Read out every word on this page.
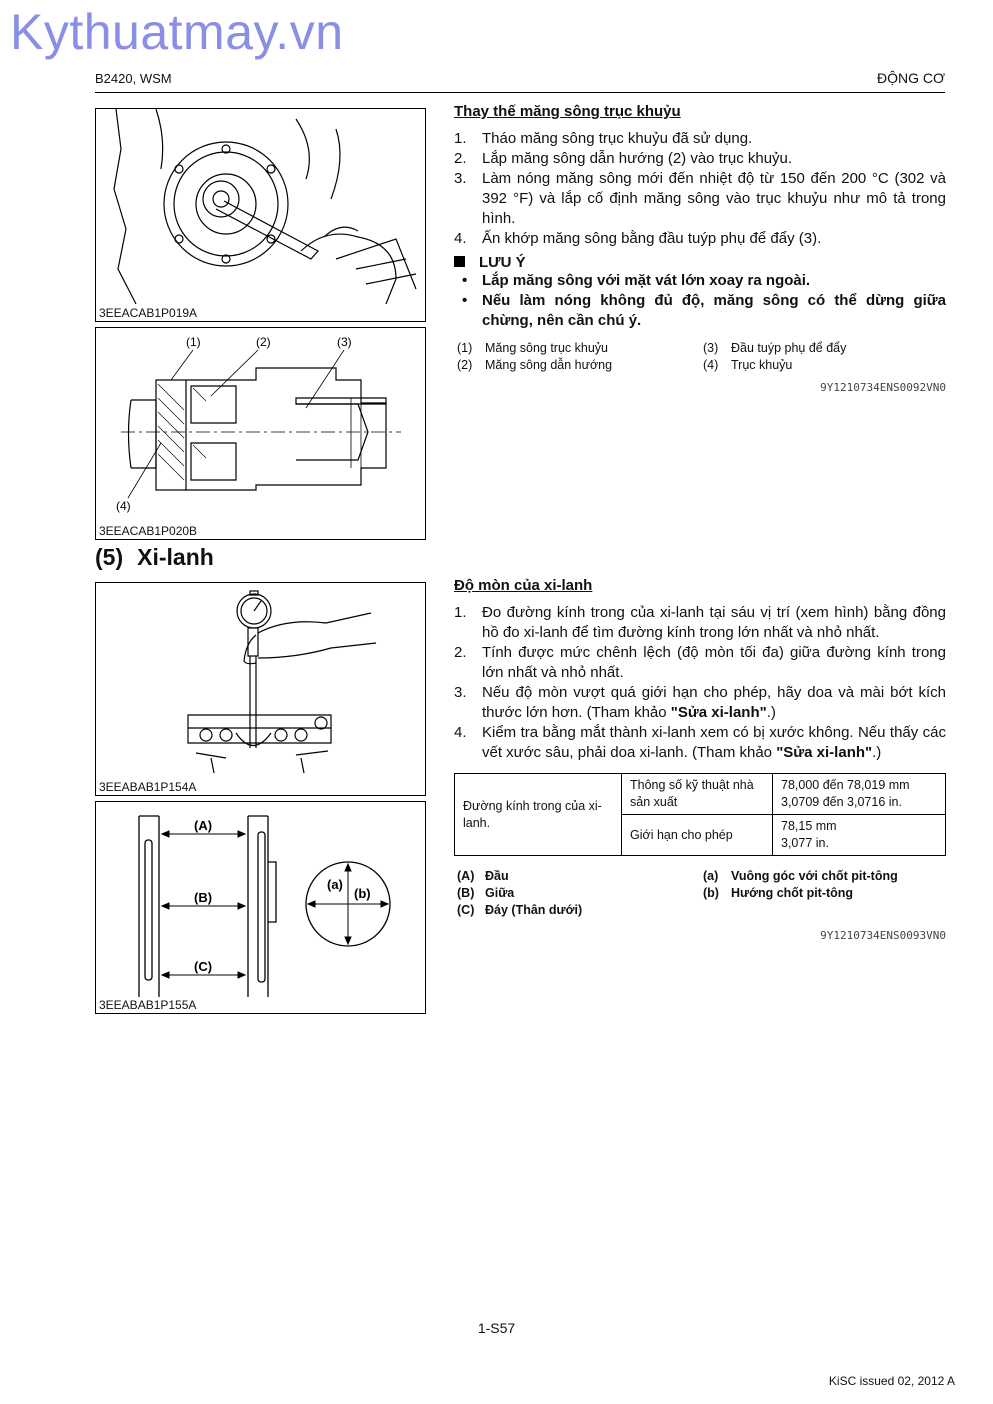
Kythuatmay.vn
B2420, WSM	ĐỘNG CƠ
3EEACAB1P019A
(1)	(2)	(3)
(4)
3EEACAB1P020B
Thay thế măng sông trục khuỷu
1. Tháo măng sông trục khuỷu đã sử dụng.
2. Lắp măng sông dẫn hướng (2) vào trục khuỷu.
3. Làm nóng măng sông mới đến nhiệt độ từ 150 đến 200 °C (302 và 392 °F) và lắp cố định măng sông vào trục khuỷu như mô tả trong hình.
4. Ấn khớp măng sông bằng đầu tuýp phụ để đẩy (3).
LƯU Ý
• Lắp măng sông với mặt vát lớn xoay ra ngoài.
• Nếu làm nóng không đủ độ, măng sông có thể dừng giữa chừng, nên cần chú ý.
(1) Măng sông trục khuỷu	(3) Đầu tuýp phụ để đẩy
(2) Măng sông dẫn hướng	(4) Trục khuỷu
9Y1210734ENS0092VN0
(5) Xi-lanh
3EEABAB1P154A
(A)
(B)
(C)
(a)
(b)
3EEABAB1P155A
Độ mòn của xi-lanh
1. Đo đường kính trong của xi-lanh tại sáu vị trí (xem hình) bằng đồng hồ đo xi-lanh để tìm đường kính trong lớn nhất và nhỏ nhất.
2. Tính được mức chênh lệch (độ mòn tối đa) giữa đường kính trong lớn nhất và nhỏ nhất.
3. Nếu độ mòn vượt quá giới hạn cho phép, hãy doa và mài bớt kích thước lớn hơn. (Tham khảo "Sửa xi-lanh".)
4. Kiểm tra bằng mắt thành xi-lanh xem có bị xước không. Nếu thấy các vết xước sâu, phải doa xi-lanh. (Tham khảo "Sửa xi-lanh".)
Đường kính trong của xi-lanh.	Thông số kỹ thuật nhà sản xuất	78,000 đến 78,019 mm
3,0709 đến 3,0716 in.

	Giới hạn cho phép	78,15 mm
3,077 in.
(A) Đầu	(a) Vuông góc với chốt pit-tông
(B) Giữa	(b) Hướng chốt pit-tông
(C) Đáy (Thân dưới)
9Y1210734ENS0093VN0
1-S57
KiSC issued 02, 2012 A
